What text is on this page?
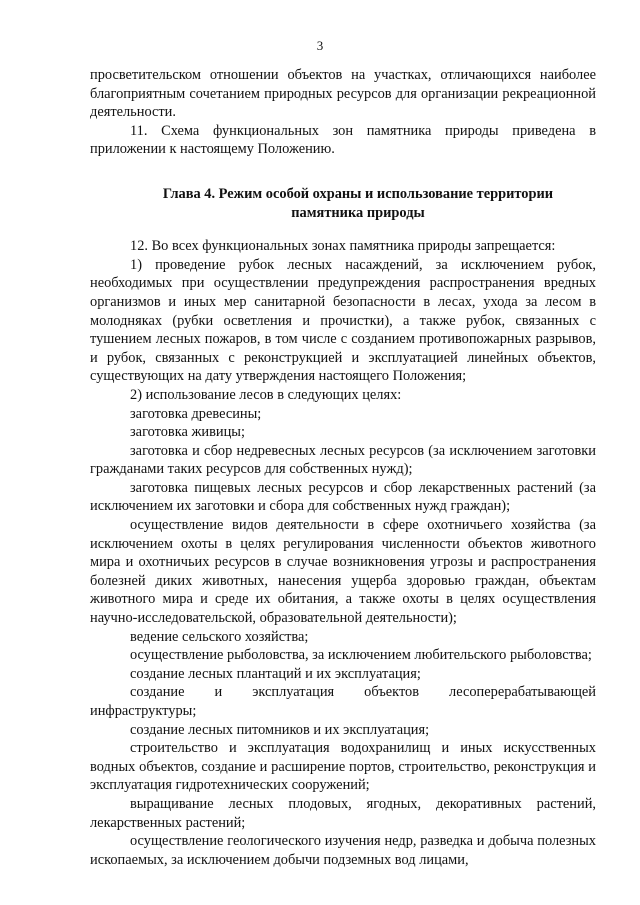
3

просветительском отношении объектов на участках, отличающихся наиболее благоприятным сочетанием природных ресурсов для организации рекреационной деятельности.

11. Схема функциональных зон памятника природы приведена в приложении к настоящему Положению.

Глава 4. Режим особой охраны и использование территории памятника природы

12. Во всех функциональных зонах памятника природы запрещается:

1) проведение рубок лесных насаждений, за исключением рубок, необходимых при осуществлении предупреждения распространения вредных организмов и иных мер санитарной безопасности в лесах, ухода за лесом в молодняках (рубки осветления и прочистки), а также рубок, связанных с тушением лесных пожаров, в том числе с созданием противопожарных разрывов, и рубок, связанных с реконструкцией и эксплуатацией линейных объектов, существующих на дату утверждения настоящего Положения;

2) использование лесов в следующих целях:

заготовка древесины;

заготовка живицы;

заготовка и сбор недревесных лесных ресурсов (за исключением заготовки гражданами таких ресурсов для собственных нужд);

заготовка пищевых лесных ресурсов и сбор лекарственных растений (за исключением их заготовки и сбора для собственных нужд граждан);

осуществление видов деятельности в сфере охотничьего хозяйства (за исключением охоты в целях регулирования численности объектов животного мира и охотничьих ресурсов в случае возникновения угрозы и распространения болезней диких животных, нанесения ущерба здоровью граждан, объектам животного мира и среде их обитания, а также охоты в целях осуществления научно-исследовательской, образовательной деятельности);

ведение сельского хозяйства;

осуществление рыболовства, за исключением любительского рыболовства;

создание лесных плантаций и их эксплуатация;

создание и эксплуатация объектов лесоперерабатывающей инфраструктуры;

создание лесных питомников и их эксплуатация;

строительство и эксплуатация водохранилищ и иных искусственных водных объектов, создание и расширение портов, строительство, реконструкция и эксплуатация гидротехнических сооружений;

выращивание лесных плодовых, ягодных, декоративных растений, лекарственных растений;

осуществление геологического изучения недр, разведка и добыча полезных ископаемых, за исключением добычи подземных вод лицами,
